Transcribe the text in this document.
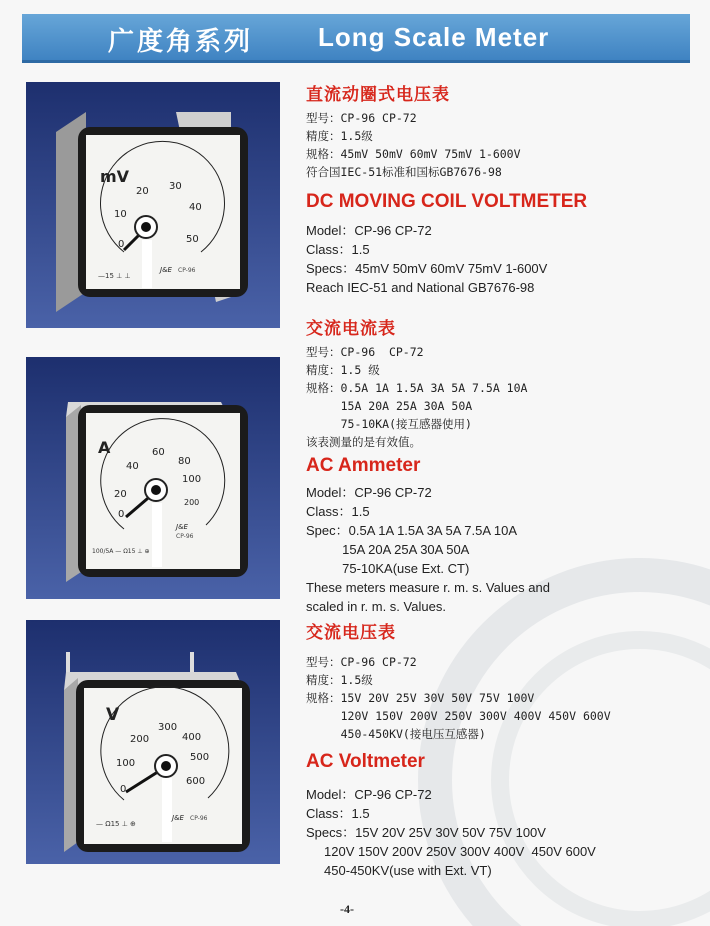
广度角系列 Long Scale Meter
mV
0
10
20 30
40
50
J&E CP-96
—15 ⊥ ⊥
A
0
20
40
60
80
100
200
J&E
CP-96
100/5A — Ω15 ⊥ ⊕
V
0
100
200
300
400
500
600
J&E CP-96
— Ω15 ⊥ ⊕

直流动圈式电压表

型号：CP-96 CP-72
精度：1.5级
规格：45mV 50mV 60mV 75mV 1-600V
符合国IEC-51标准和国标GB7676-98

DC MOVING COIL VOLTMETER

Model：CP-96 CP-72
Class：1.5
Specs：45mV 50mV 60mV 75mV 1-600V
Reach IEC-51 and National GB7676-98

交流电流表

型号：CP-96  CP-72
精度：1.5 级
规格：0.5A 1A 1.5A 3A 5A 7.5A 10A
15A 20A 25A 30A 50A
75-10KA(接互感器使用)
该表测量的是有效值。

AC Ammeter

Model：CP-96 CP-72
Class：1.5
Spec：0.5A 1A 1.5A 3A 5A 7.5A 10A
15A 20A 25A 30A 50A
75-10KA(use Ext. CT)
These meters measure r. m. s. Values and
scaled in r. m. s. Values.

交流电压表

型号：CP-96 CP-72
精度：1.5级
规格：15V 20V 25V 30V 50V 75V 100V
120V 150V 200V 250V 300V 400V 450V 600V
450-450KV(接电压互感器)

AC Voltmeter

Model：CP-96 CP-72
Class：1.5
Specs：15V 20V 25V 30V 50V 75V 100V
120V 150V 200V 250V 300V 400V  450V 600V
450-450KV(use with Ext. VT)
-4-
